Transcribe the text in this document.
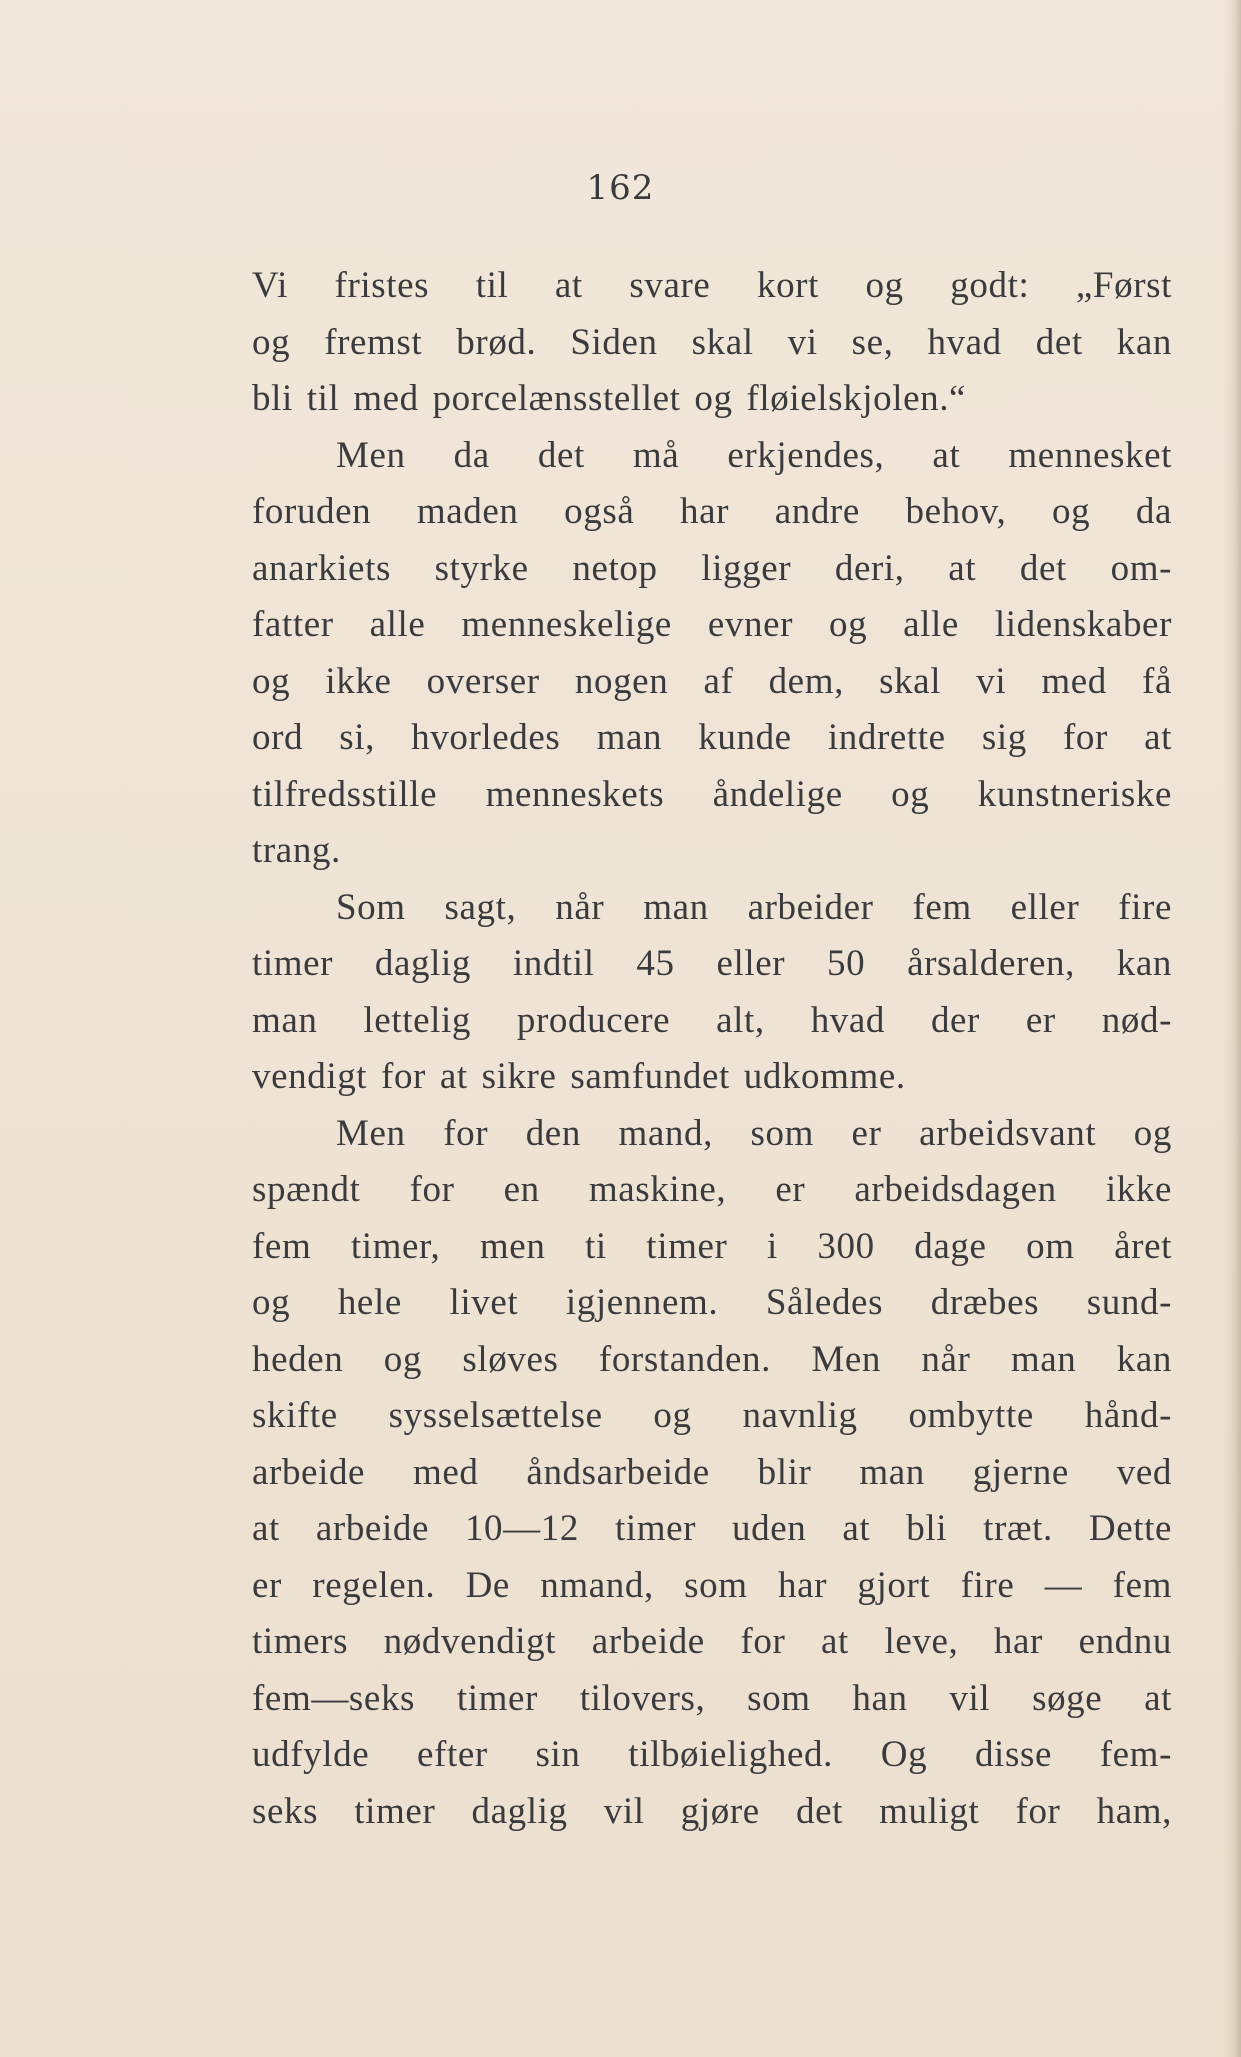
162
Vi fristes til at svare kort og godt: „Først
og fremst brød. Siden skal vi se, hvad det kan
bli til med porcelænsstellet og fløielskjolen.“
Men da det må erkjendes, at mennesket
foruden maden også har andre behov, og da
anarkiets styrke netop ligger deri, at det om-
fatter alle menneskelige evner og alle lidenskaber
og ikke overser nogen af dem, skal vi med få
ord si, hvorledes man kunde indrette sig for at
tilfredsstille menneskets åndelige og kunstneriske
trang.
Som sagt, når man arbeider fem eller fire
timer daglig indtil 45 eller 50 årsalderen, kan
man lettelig producere alt, hvad der er nød-
vendigt for at sikre samfundet udkomme.
Men for den mand, som er arbeidsvant og
spændt for en maskine, er arbeidsdagen ikke
fem timer, men ti timer i 300 dage om året
og hele livet igjennem. Således dræbes sund-
heden og sløves forstanden. Men når man kan
skifte sysselsættelse og navnlig ombytte hånd-
arbeide med åndsarbeide blir man gjerne ved
at arbeide 10—12 timer uden at bli træt. Dette
er regelen. De nmand, som har gjort fire — fem
timers nødvendigt arbeide for at leve, har endnu
fem—seks timer tilovers, som han vil søge at
udfylde efter sin tilbøielighed. Og disse fem-
seks timer daglig vil gjøre det muligt for ham,
